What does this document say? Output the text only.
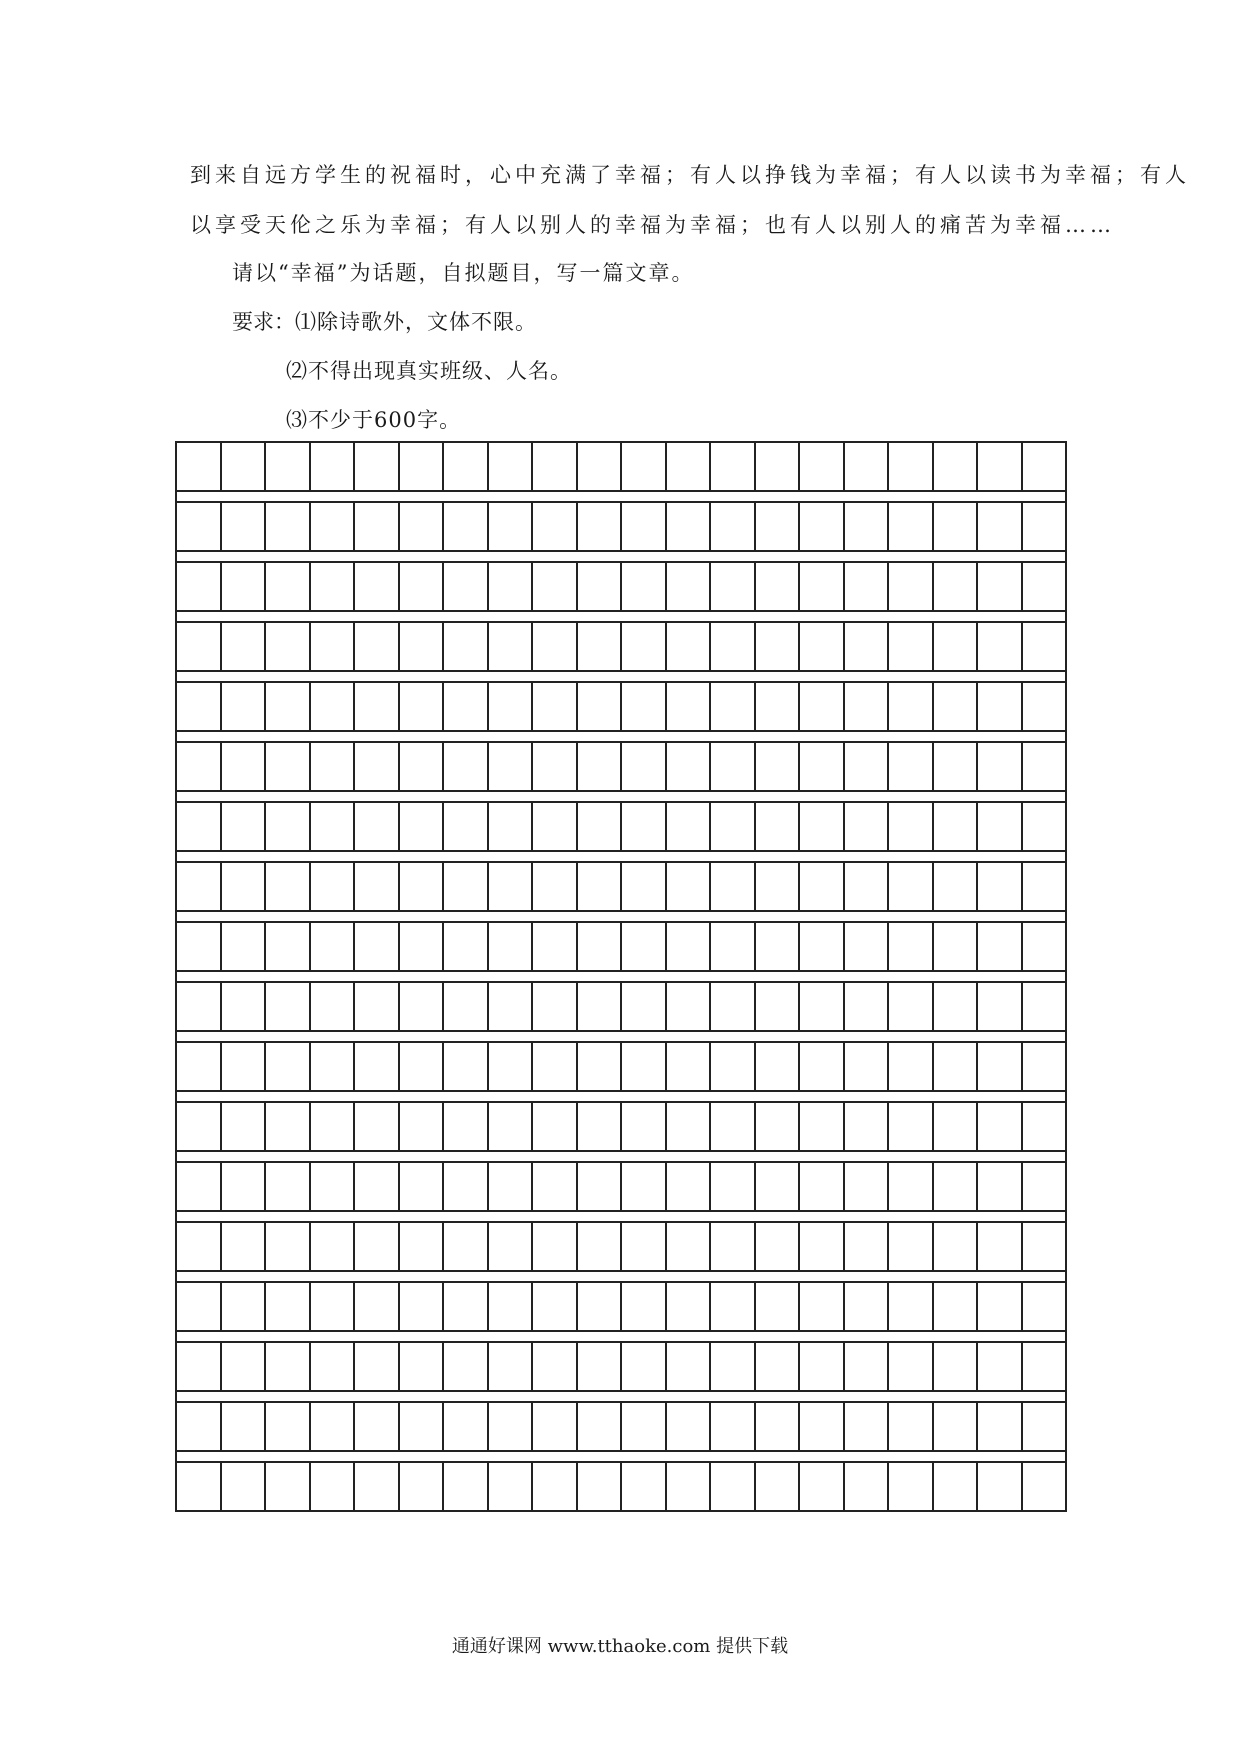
到来自远方学生的祝福时，心中充满了幸福；有人以挣钱为幸福；有人以读书为幸福；有人
以享受天伦之乐为幸福；有人以别人的幸福为幸福；也有人以别人的痛苦为幸福……
请以“幸福”为话题，自拟题目，写一篇文章。
要求：⑴除诗歌外，文体不限。
⑵不得出现真实班级、人名。
⑶不少于600字。
通通好课网 www.tthaoke.com 提供下载
